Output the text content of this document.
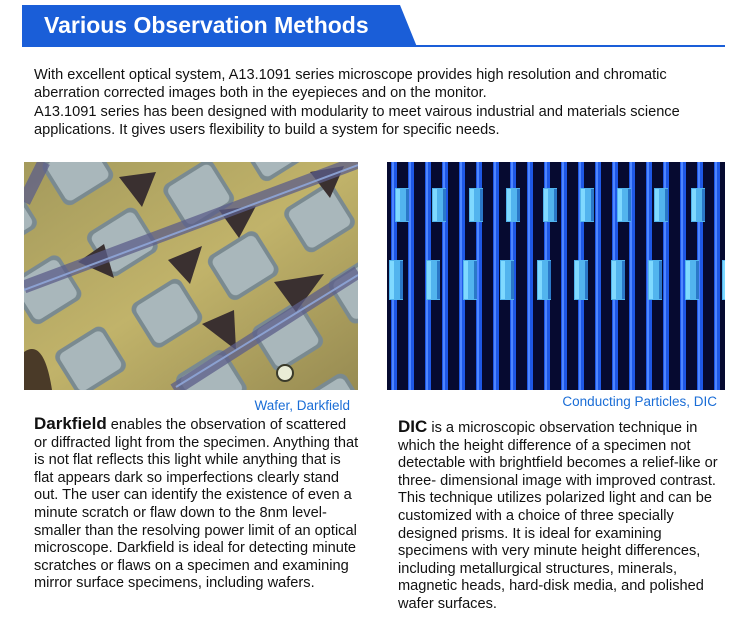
Various Observation Methods

With excellent optical system, A13.1091 series microscope provides high resolution and chromatic aberration corrected images both in the eyepieces and on the monitor.

A13.1091 series has been designed with modularity to meet vairous industrial and materials science applications. It gives users flexibility to build a system for specific needs.

Wafer, Darkfield	Conducting Particles, DIC
Darkfield enables the observation of scattered or diffracted light from the specimen. Anything that is not flat reflects this light while anything that is flat appears dark so imperfections clearly stand out. The user can identify the existence of even a minute scratch or flaw down to the 8nm level-smaller than the resolving power limit of an optical microscope. Darkfield is ideal for detecting minute scratches or flaws on a specimen and examining mirror surface specimens, including wafers.
DIC is a microscopic observation technique in which the height difference of a specimen not detectable with brightfield becomes a relief-like or three- dimensional image with improved contrast. This technique utilizes polarized light and can be customized with a choice of three specially designed prisms. It is ideal for examining specimens with very minute height differences, including metallurgical structures, minerals, magnetic heads, hard-disk media, and polished wafer surfaces.
